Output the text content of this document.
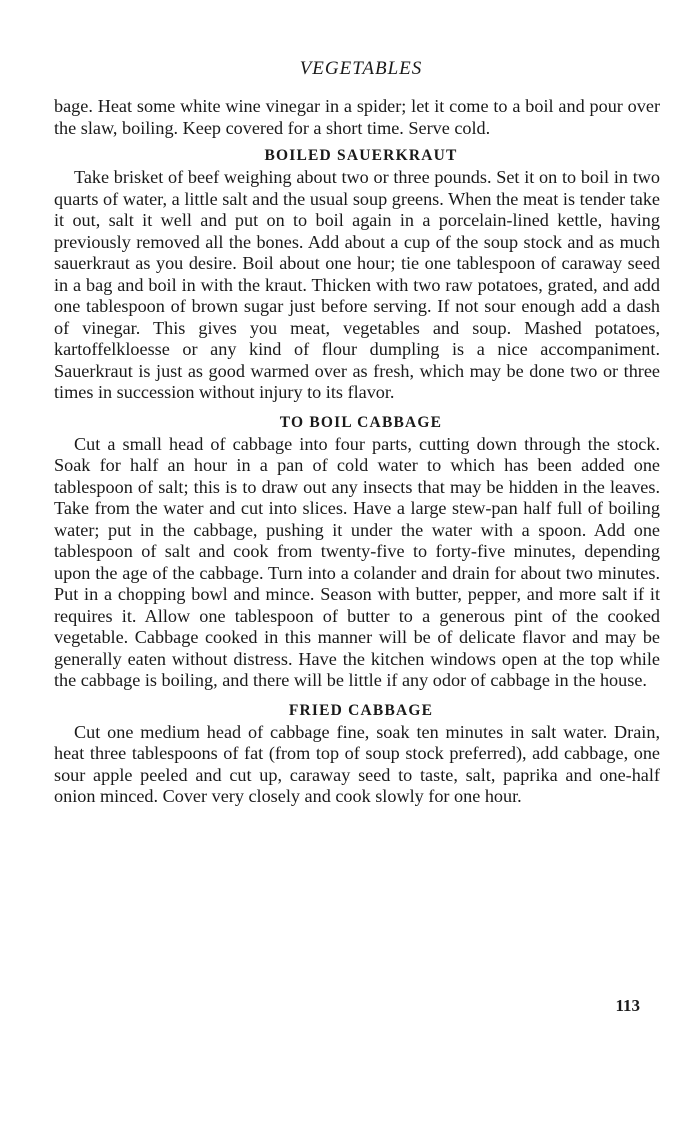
VEGETABLES

bage. Heat some white wine vinegar in a spider; let it come to a boil and pour over the slaw, boiling. Keep covered for a short time. Serve cold.

BOILED SAUERKRAUT

Take brisket of beef weighing about two or three pounds. Set it on to boil in two quarts of water, a little salt and the usual soup greens. When the meat is tender take it out, salt it well and put on to boil again in a porcelain-lined kettle, having previously removed all the bones. Add about a cup of the soup stock and as much sauerkraut as you desire. Boil about one hour; tie one tablespoon of caraway seed in a bag and boil in with the kraut. Thicken with two raw potatoes, grated, and add one tablespoon of brown sugar just before serving. If not sour enough add a dash of vinegar. This gives you meat, vegetables and soup. Mashed potatoes, kartoffelkloesse or any kind of flour dumpling is a nice accompaniment. Sauerkraut is just as good warmed over as fresh, which may be done two or three times in succession without injury to its flavor.

TO BOIL CABBAGE

Cut a small head of cabbage into four parts, cutting down through the stock. Soak for half an hour in a pan of cold water to which has been added one tablespoon of salt; this is to draw out any insects that may be hidden in the leaves. Take from the water and cut into slices. Have a large stew-pan half full of boiling water; put in the cabbage, pushing it under the water with a spoon. Add one tablespoon of salt and cook from twenty-five to forty-five minutes, depending upon the age of the cabbage. Turn into a colander and drain for about two minutes. Put in a chopping bowl and mince. Season with butter, pepper, and more salt if it requires it. Allow one tablespoon of butter to a generous pint of the cooked vegetable. Cabbage cooked in this manner will be of delicate flavor and may be generally eaten without distress. Have the kitchen windows open at the top while the cabbage is boiling, and there will be little if any odor of cabbage in the house.

FRIED CABBAGE

Cut one medium head of cabbage fine, soak ten minutes in salt water. Drain, heat three tablespoons of fat (from top of soup stock preferred), add cabbage, one sour apple peeled and cut up, caraway seed to taste, salt, paprika and one-half onion minced. Cover very closely and cook slowly for one hour.

113
